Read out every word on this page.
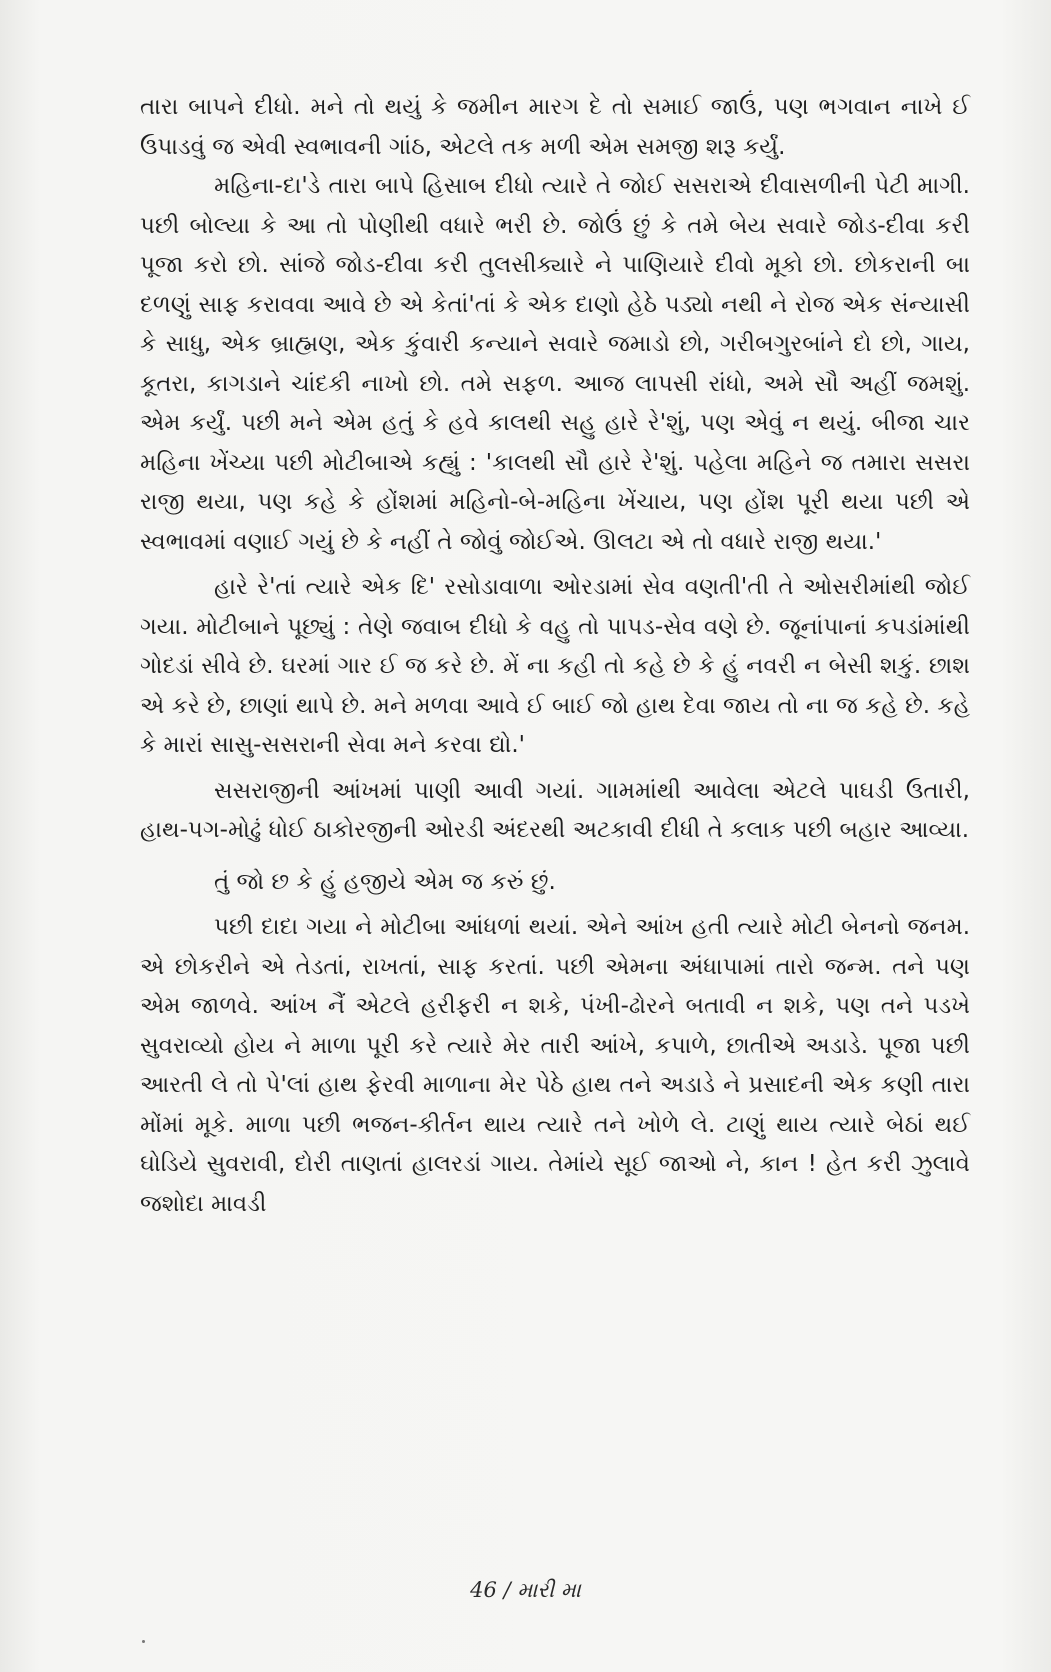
તારા બાપને દીધો. મને તો થયું કે જમીન મારગ દે તો સમાઈ જાઉં, પણ ભગવાન નાખે ઈ ઉપાડવું જ એવી સ્વભાવની ગાંઠ, એટલે તક મળી એમ સમજી શરૂ કર્યું.

મહિના-દા'ડે તારા બાપે હિસાબ દીધો ત્યારે તે જોઈ સસરાએ દીવાસળીની પેટી માગી. પછી બોલ્યા કે આ તો પોણીથી વધારે ભરી છે. જોઉં છું કે તમે બેય સવારે જોડ-દીવા કરી પૂજા કરો છો. સાંજે જોડ-દીવા કરી તુલસીક્યારે ને પાણિયારે દીવો મૂકો છો. છોકરાની બા દળણું સાફ કરાવવા આવે છે એ કેતાં'તાં કે એક દાણો હેઠે પડ્યો નથી ને રોજ એક સંન્યાસી કે સાધુ, એક બ્રાહ્મણ, એક કુંવારી કન્યાને સવારે જમાડો છો, ગરીબગુરબાંને દો છો, ગાય, કૂતરા, કાગડાને ચાંદકી નાખો છો. તમે સફળ. આજ લાપસી રાંધો, અમે સૌ અહીં જમશું. એમ કર્યું. પછી મને એમ હતું કે હવે કાલથી સહુ હારે રે'શું, પણ એવું ન થયું. બીજા ચાર મહિના ખેંચ્યા પછી મોટીબાએ કહ્યું : 'કાલથી સૌ હારે રે'શું. પહેલા મહિને જ તમારા સસરા રાજી થયા, પણ કહે કે હોંશમાં મહિનો-બે-મહિના ખેંચાય, પણ હોંશ પૂરી થયા પછી એ સ્વભાવમાં વણાઈ ગયું છે કે નહીં તે જોવું જોઈએ. ઊલટા એ તો વધારે રાજી થયા.'

હારે રે'તાં ત્યારે એક દિ' રસોડાવાળા ઓરડામાં સેવ વણતી'તી તે ઓસરીમાંથી જોઈ ગયા. મોટીબાને પૂછ્યું : તેણે જવાબ દીધો કે વહુ તો પાપડ-સેવ વણે છે. જૂનાંપાનાં કપડાંમાંથી ગોદડાં સીવે છે. ઘરમાં ગાર ઈ જ કરે છે. મેં ના કહી તો કહે છે કે હું નવરી ન બેસી શકું. છાશ એ કરે છે, છાણાં થાપે છે. મને મળવા આવે ઈ બાઈ જો હાથ દેવા જાય તો ના જ કહે છે. કહે કે મારાં સાસુ-સસરાની સેવા મને કરવા દ્યો.'

સસરાજીની આંખમાં પાણી આવી ગયાં. ગામમાંથી આવેલા એટલે પાઘડી ઉતારી, હાથ-પગ-મોઢું ધોઈ ઠાકોરજીની ઓરડી અંદરથી અટકાવી દીધી તે કલાક પછી બહાર આવ્યા.

તું જો છ કે હું હજીયે એમ જ કરું છું.

પછી દાદા ગયા ને મોટીબા આંધળાં થયાં. એને આંખ હતી ત્યારે મોટી બેનનો જનમ. એ છોકરીને એ તેડતાં, રાખતાં, સાફ કરતાં. પછી એમના અંધાપામાં તારો જન્મ. તને પણ એમ જાળવે. આંખ નૈં એટલે હરીફરી ન શકે, પંખી-ઢોરને બતાવી ન શકે, પણ તને પડખે સુવરાવ્યો હોય ને માળા પૂરી કરે ત્યારે મેર તારી આંખે, કપાળે, છાતીએ અડાડે. પૂજા પછી આરતી લે તો પે'લાં હાથ ફેરવી માળાના મેર પેઠે હાથ તને અડાડે ને પ્રસાદની એક કણી તારા મોંમાં મૂકે. માળા પછી ભજન-કીર્તન થાય ત્યારે તને ખોળે લે. ટાણું થાય ત્યારે બેઠાં થઈ ઘોડિયે સુવરાવી, દોરી તાણતાં હાલરડાં ગાય. તેમાંયે સૂઈ જાઓ ને, કાન ! હેત કરી ઝુલાવે જશોદા માવડી

46 / મારી મા
